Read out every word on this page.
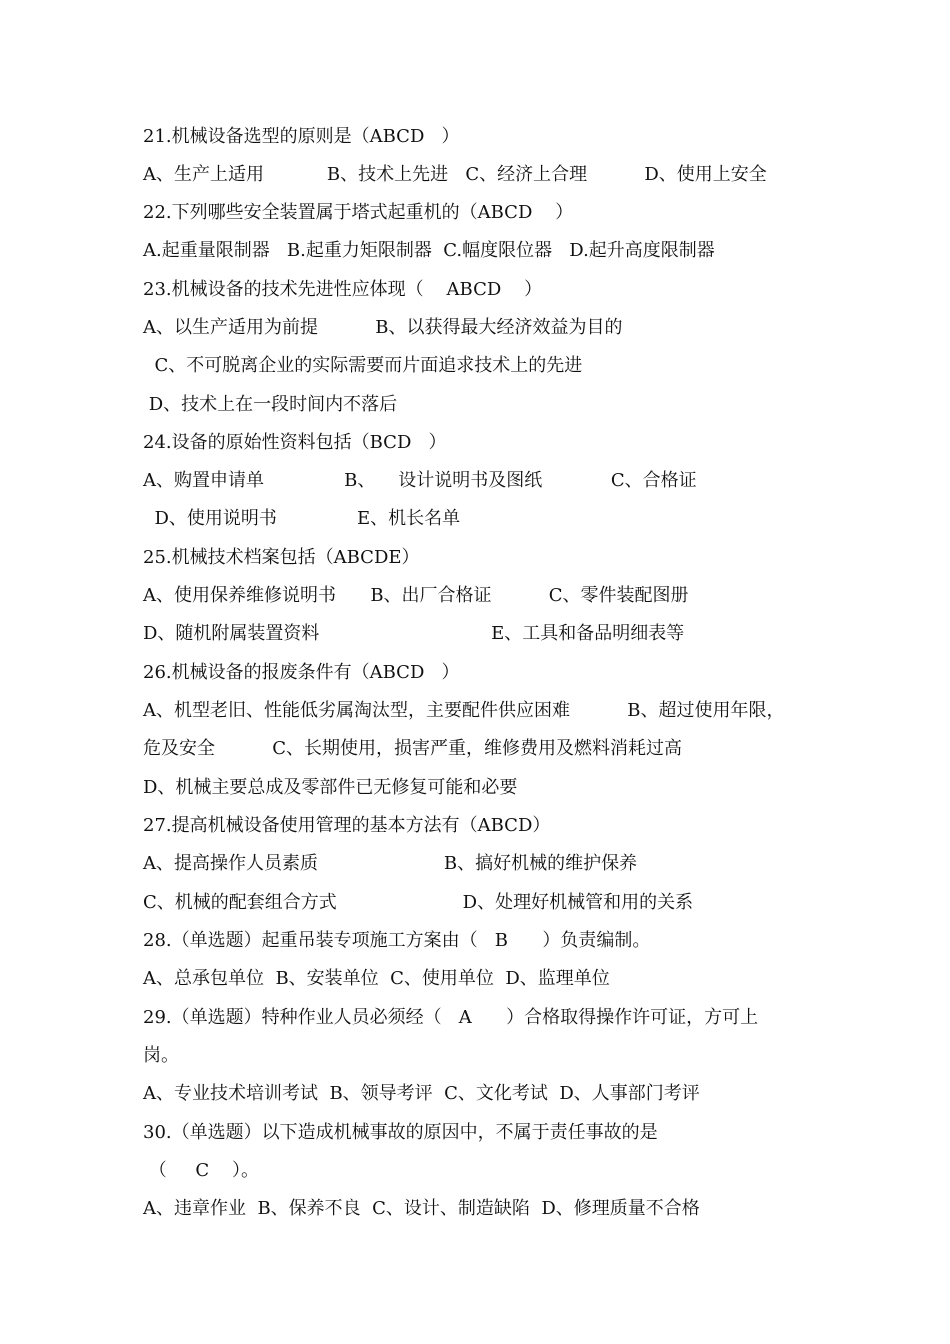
21.机械设备选型的原则是（ABCD   ）
A、生产上适用           B、技术上先进   C、经济上合理          D、使用上安全
22.下列哪些安全装置属于塔式起重机的（ABCD    ）
A.起重量限制器   B.起重力矩限制器  C.幅度限位器   D.起升高度限制器
23.机械设备的技术先进性应体现（    ABCD    ）
A、以生产适用为前提          B、以获得最大经济效益为目的
C、不可脱离企业的实际需要而片面追求技术上的先进
D、技术上在一段时间内不落后
24.设备的原始性资料包括（BCD   ）
A、购置申请单              B、    设计说明书及图纸            C、合格证
D、使用说明书              E、机长名单
25.机械技术档案包括（ABCDE）
A、使用保养维修说明书      B、出厂合格证          C、零件装配图册
D、随机附属装置资料                              E、工具和备品明细表等
26.机械设备的报废条件有（ABCD   ）
A、机型老旧、性能低劣属淘汰型，主要配件供应困难          B、超过使用年限，
危及安全          C、长期使用，损害严重，维修费用及燃料消耗过高
D、机械主要总成及零部件已无修复可能和必要
27.提高机械设备使用管理的基本方法有（ABCD）
A、提高操作人员素质                      B、搞好机械的维护保养
C、机械的配套组合方式                      D、处理好机械管和用的关系
28.（单选题）起重吊装专项施工方案由（   B      ）负责编制。
A、总承包单位  B、安装单位  C、使用单位  D、监理单位
29.（单选题）特种作业人员必须经（   A      ）合格取得操作许可证，方可上
岗。
A、专业技术培训考试  B、领导考评  C、文化考试  D、人事部门考评
30.（单选题）以下造成机械事故的原因中，不属于责任事故的是
（     C    ）。
A、违章作业  B、保养不良  C、设计、制造缺陷  D、修理质量不合格
